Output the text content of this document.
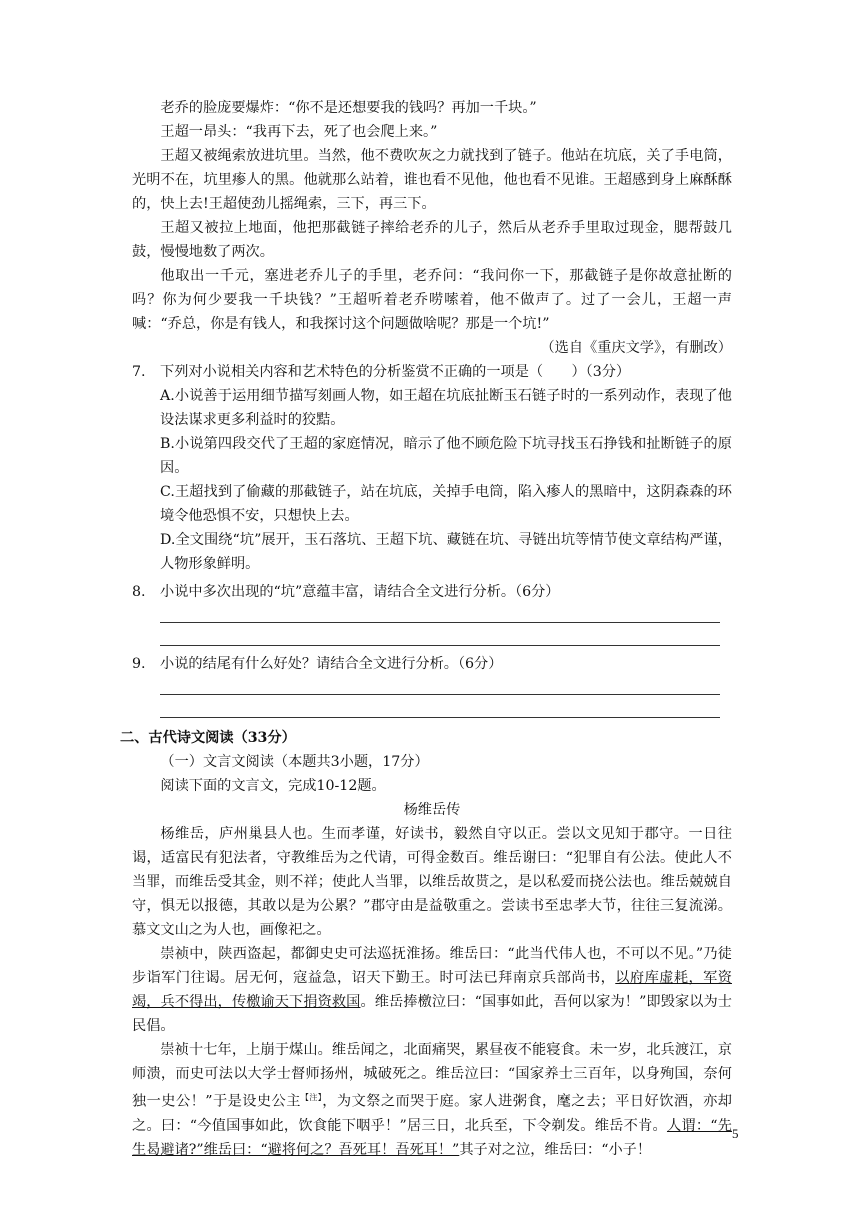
老乔的脸庞要爆炸：“你不是还想要我的钱吗？再加一千块。”

王超一昂头：“我再下去，死了也会爬上来。”

王超又被绳索放进坑里。当然，他不费吹灰之力就找到了链子。他站在坑底，关了手电筒，光明不在，坑里瘆人的黑。他就那么站着，谁也看不见他，他也看不见谁。王超感到身上麻酥酥的，快上去!王超使劲儿摇绳索，三下，再三下。

王超又被拉上地面，他把那截链子摔给老乔的儿子，然后从老乔手里取过现金，腮帮鼓几鼓，慢慢地数了两次。

他取出一千元，塞进老乔儿子的手里，老乔问：“我问你一下，那截链子是你故意扯断的吗？你为何少要我一千块钱？”王超听着老乔唠嗦着，他不做声了。过了一会儿，王超一声喊：“乔总，你是有钱人，和我探讨这个问题做啥呢？那是一个坑!”

（选自《重庆文学》，有删改）

7. 下列对小说相关内容和艺术特色的分析鉴赏不正确的一项是（　　）（3分）

A.小说善于运用细节描写刻画人物，如王超在坑底扯断玉石链子时的一系列动作，表现了他设法谋求更多利益时的狡黠。

B.小说第四段交代了王超的家庭情况，暗示了他不顾危险下坑寻找玉石挣钱和扯断链子的原因。

C.王超找到了偷藏的那截链子，站在坑底，关掉手电筒，陷入瘆人的黑暗中，这阴森森的环境令他恐惧不安，只想快上去。

D.全文围绕“坑”展开，玉石落坑、王超下坑、藏链在坑、寻链出坑等情节使文章结构严谨，人物形象鲜明。

8. 小说中多次出现的“坑”意蕴丰富，请结合全文进行分析。（6分）
9. 小说的结尾有什么好处？请结合全文进行分析。（6分）

二、古代诗文阅读（33分）

（一）文言文阅读（本题共3小题，17分）

阅读下面的文言文，完成10-12题。

杨维岳传

杨维岳，庐州巢县人也。生而孝谨，好读书，毅然自守以正。尝以文见知于郡守。一日往谒，适富民有犯法者，守教维岳为之代请，可得金数百。维岳谢曰：“犯罪自有公法。使此人不当罪，而维岳受其金，则不祥；使此人当罪，以维岳故贳之，是以私爱而挠公法也。维岳兢兢自守，惧无以报德，其敢以是为公累？”郡守由是益敬重之。尝读书至忠孝大节，往往三复流涕。慕文文山之为人也，画像祀之。

崇祯中，陕西盗起，都御史史可法巡抚淮扬。维岳曰：“此当代伟人也，不可以不见。”乃徒步诣军门往谒。居无何，寇益急，诏天下勤王。时可法已拜南京兵部尚书，以府库虚耗，军资竭，兵不得出，传檄谕天下捐资救国。维岳捧檄泣曰：“国事如此，吾何以家为！”即毁家以为士民倡。

崇祯十七年，上崩于煤山。维岳闻之，北面痛哭，累昼夜不能寝食。未一岁，北兵渡江，京师溃，而史可法以大学士督师扬州，城破死之。维岳泣曰：“国家养士三百年，以身殉国，奈何独一史公！”于是设史公主$^{【注】}$，为文祭之而哭于庭。家人进粥食，麾之去；平日好饮酒，亦却之。曰：“今值国事如此，饮食能下咽乎！”居三日，北兵至，下令剃发。维岳不肯。人谓：“先生曷避诸?”维岳曰：“避将何之？吾死耳！吾死耳！”其子对之泣，维岳曰：“小子！

5
